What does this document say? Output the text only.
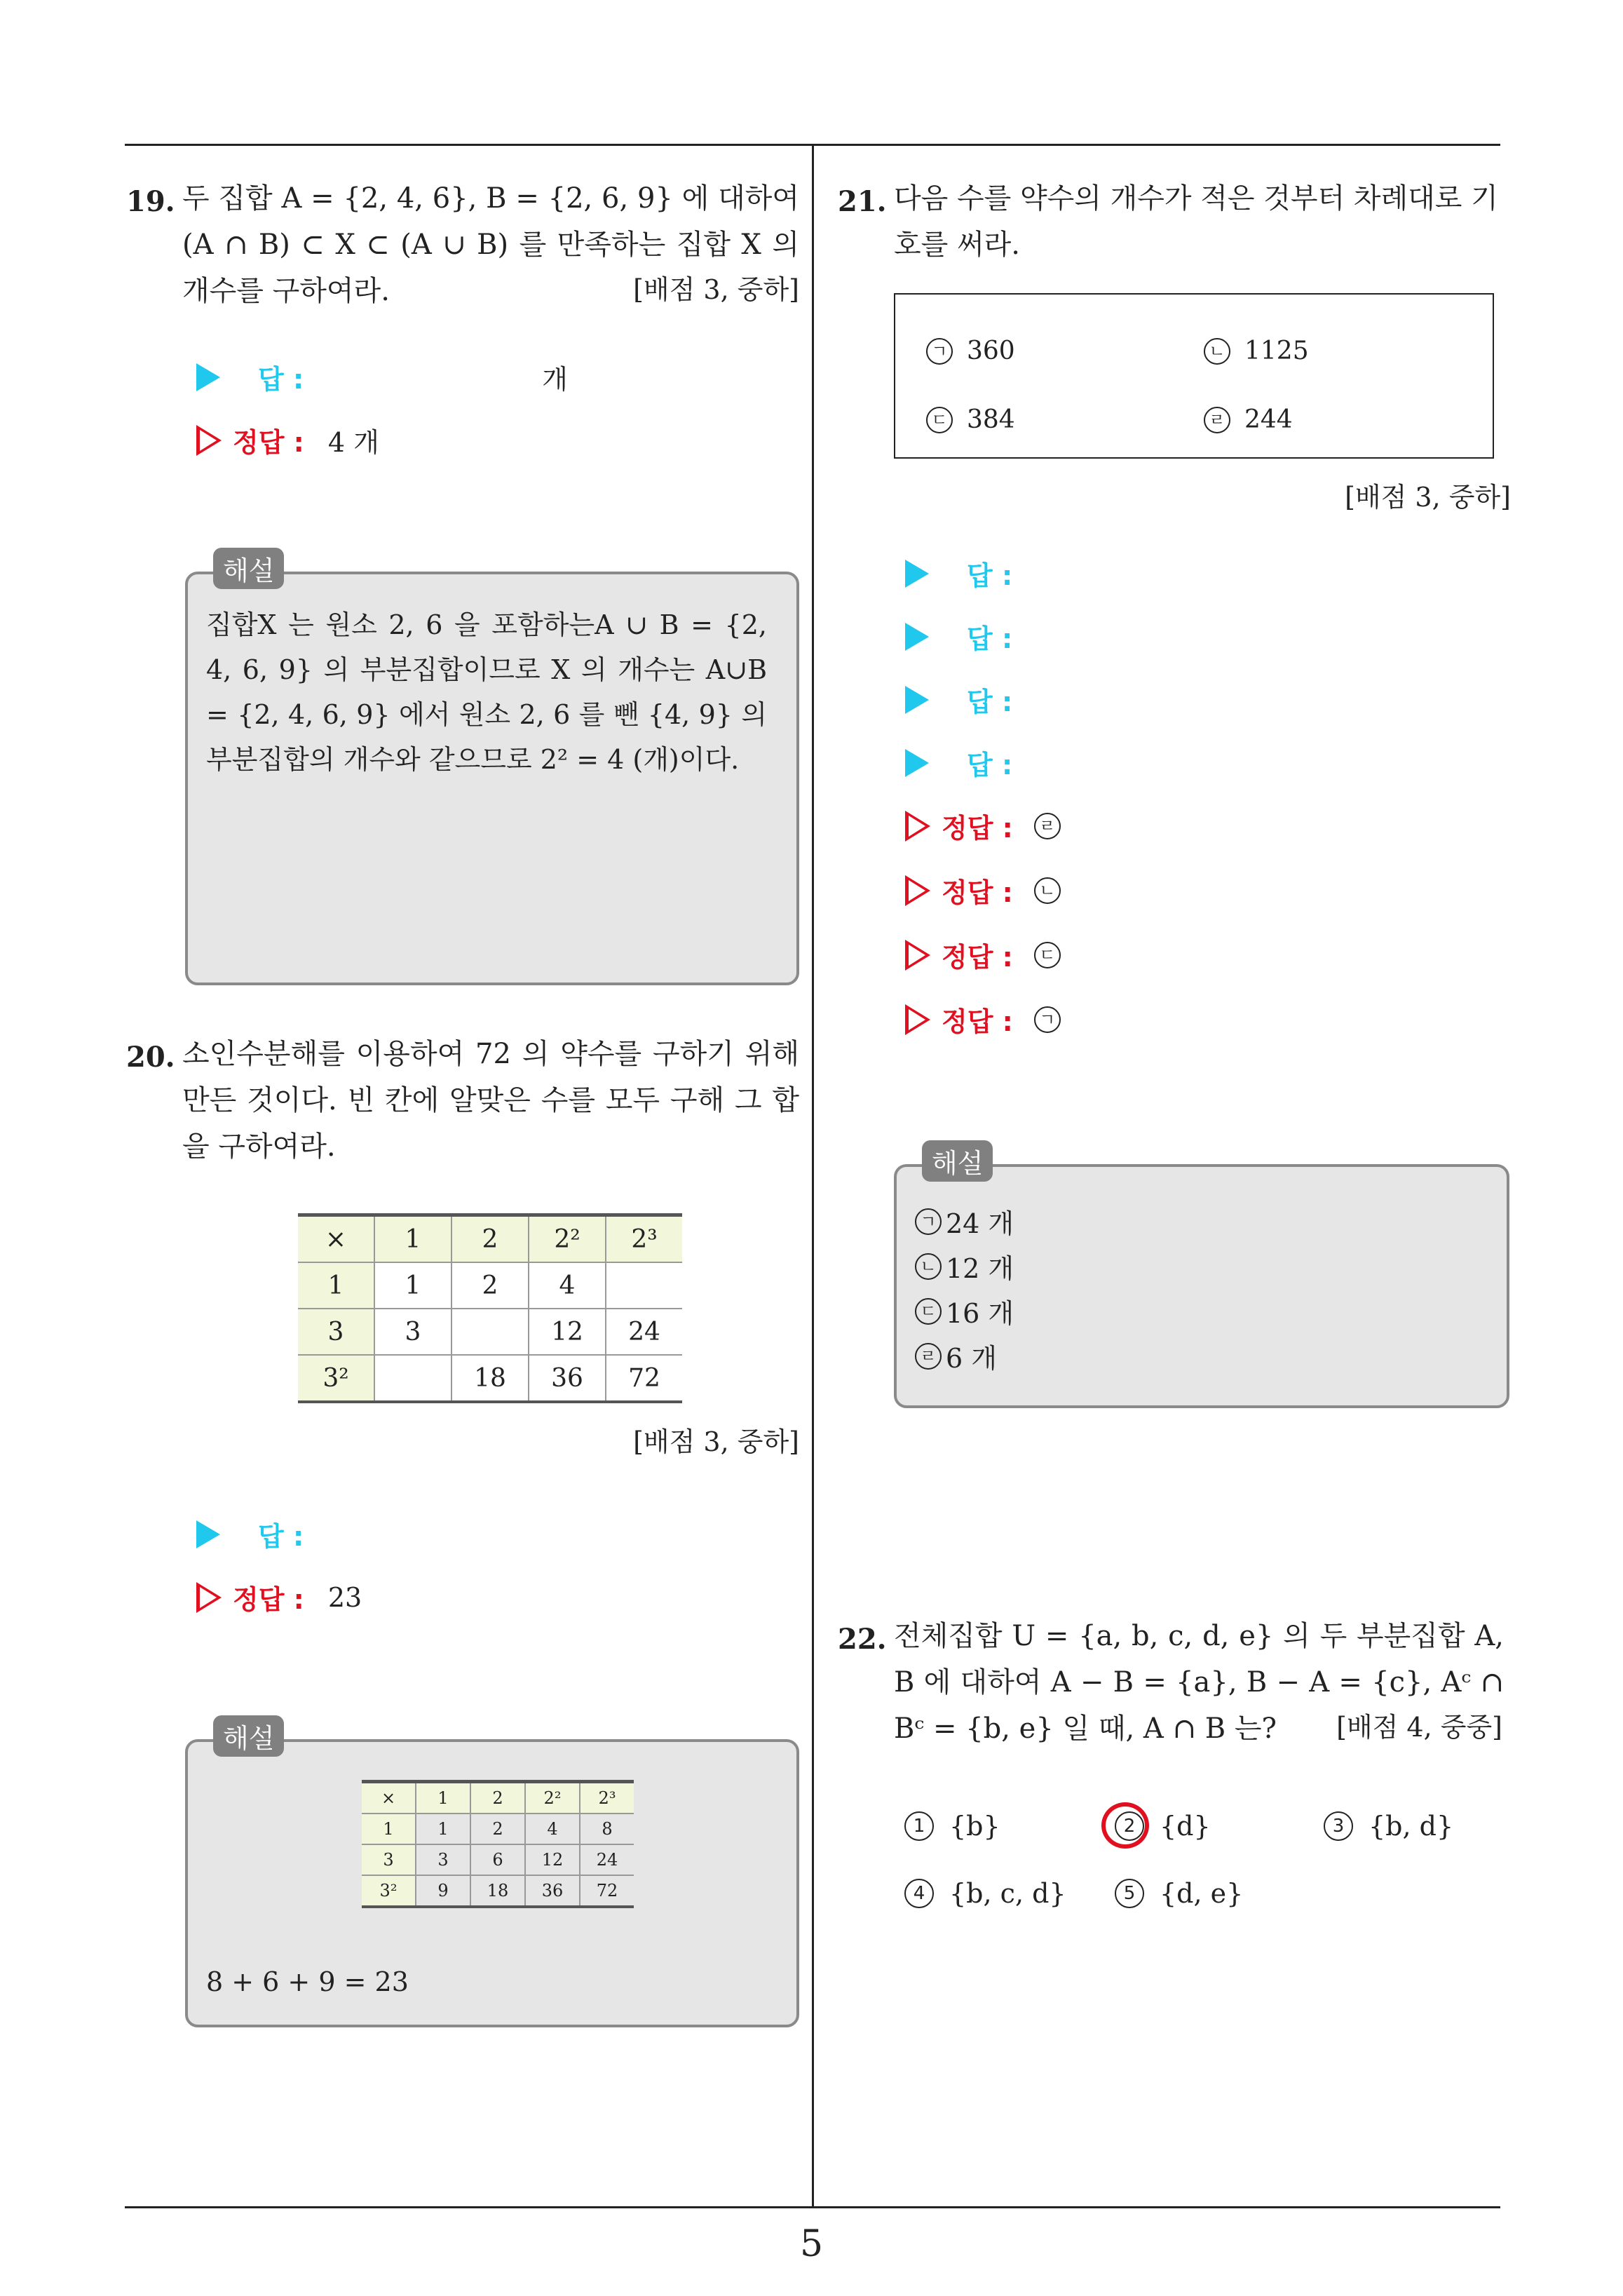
19. 두 집합 A = {2, 4, 6}, B = {2, 6, 9} 에 대하여 (A ∩ B) ⊂ X ⊂ (A ∪ B) 를 만족하는 집합 X 의 개수를 구하여라.	[배점 3, 중하]
답 :	개
정답 : 4 개
해설
집합X 는 원소 2, 6 을 포함하는A ∪ B = {2, 4, 6, 9} 의 부분집합이므로 X 의 개수는 A∪B = {2, 4, 6, 9} 에서 원소 2, 6 를 뺀 {4, 9} 의 부분집합의 개수와 같으므로 2² = 4 (개)이다.
20. 소인수분해를 이용하여 72 의 약수를 구하기 위해 만든 것이다. 빈 칸에 알맞은 수를 모두 구해 그 합을 구하여라.
×	1	2	2²	2³
1	1	2	4	
3	3		12	24
3²		18	36	72
[배점 3, 중하]
답 :
정답 : 23
해설
×	1	2	2²	2³
1	1	2	4	8
3	3	6	12	24
3²	9	18	36	72
8 + 6 + 9 = 23
21. 다음 수를 약수의 개수가 적은 것부터 차례대로 기호를 써라.
ㄱ 360	ㄴ 1125
ㄷ 384	ㄹ 244
[배점 3, 중하]
답 :
답 :
답 :
답 :
정답 :	ㄹ
정답 :	ㄴ
정답 :	ㄷ
정답 :	ㄱ
해설
ㄱ 24 개
ㄴ 12 개
ㄷ 16 개
ㄹ 6 개
22. 전체집합 U = {a, b, c, d, e} 의 두 부분집합 A, B 에 대하여 A − B = {a}, B − A = {c}, Aᶜ ∩ Bᶜ = {b, e} 일 때, A ∩ B 는?	[배점 4, 중중]
1 {b}	2 {d}	3 {b, d}
4 {b, c, d}	5 {d, e}
5
